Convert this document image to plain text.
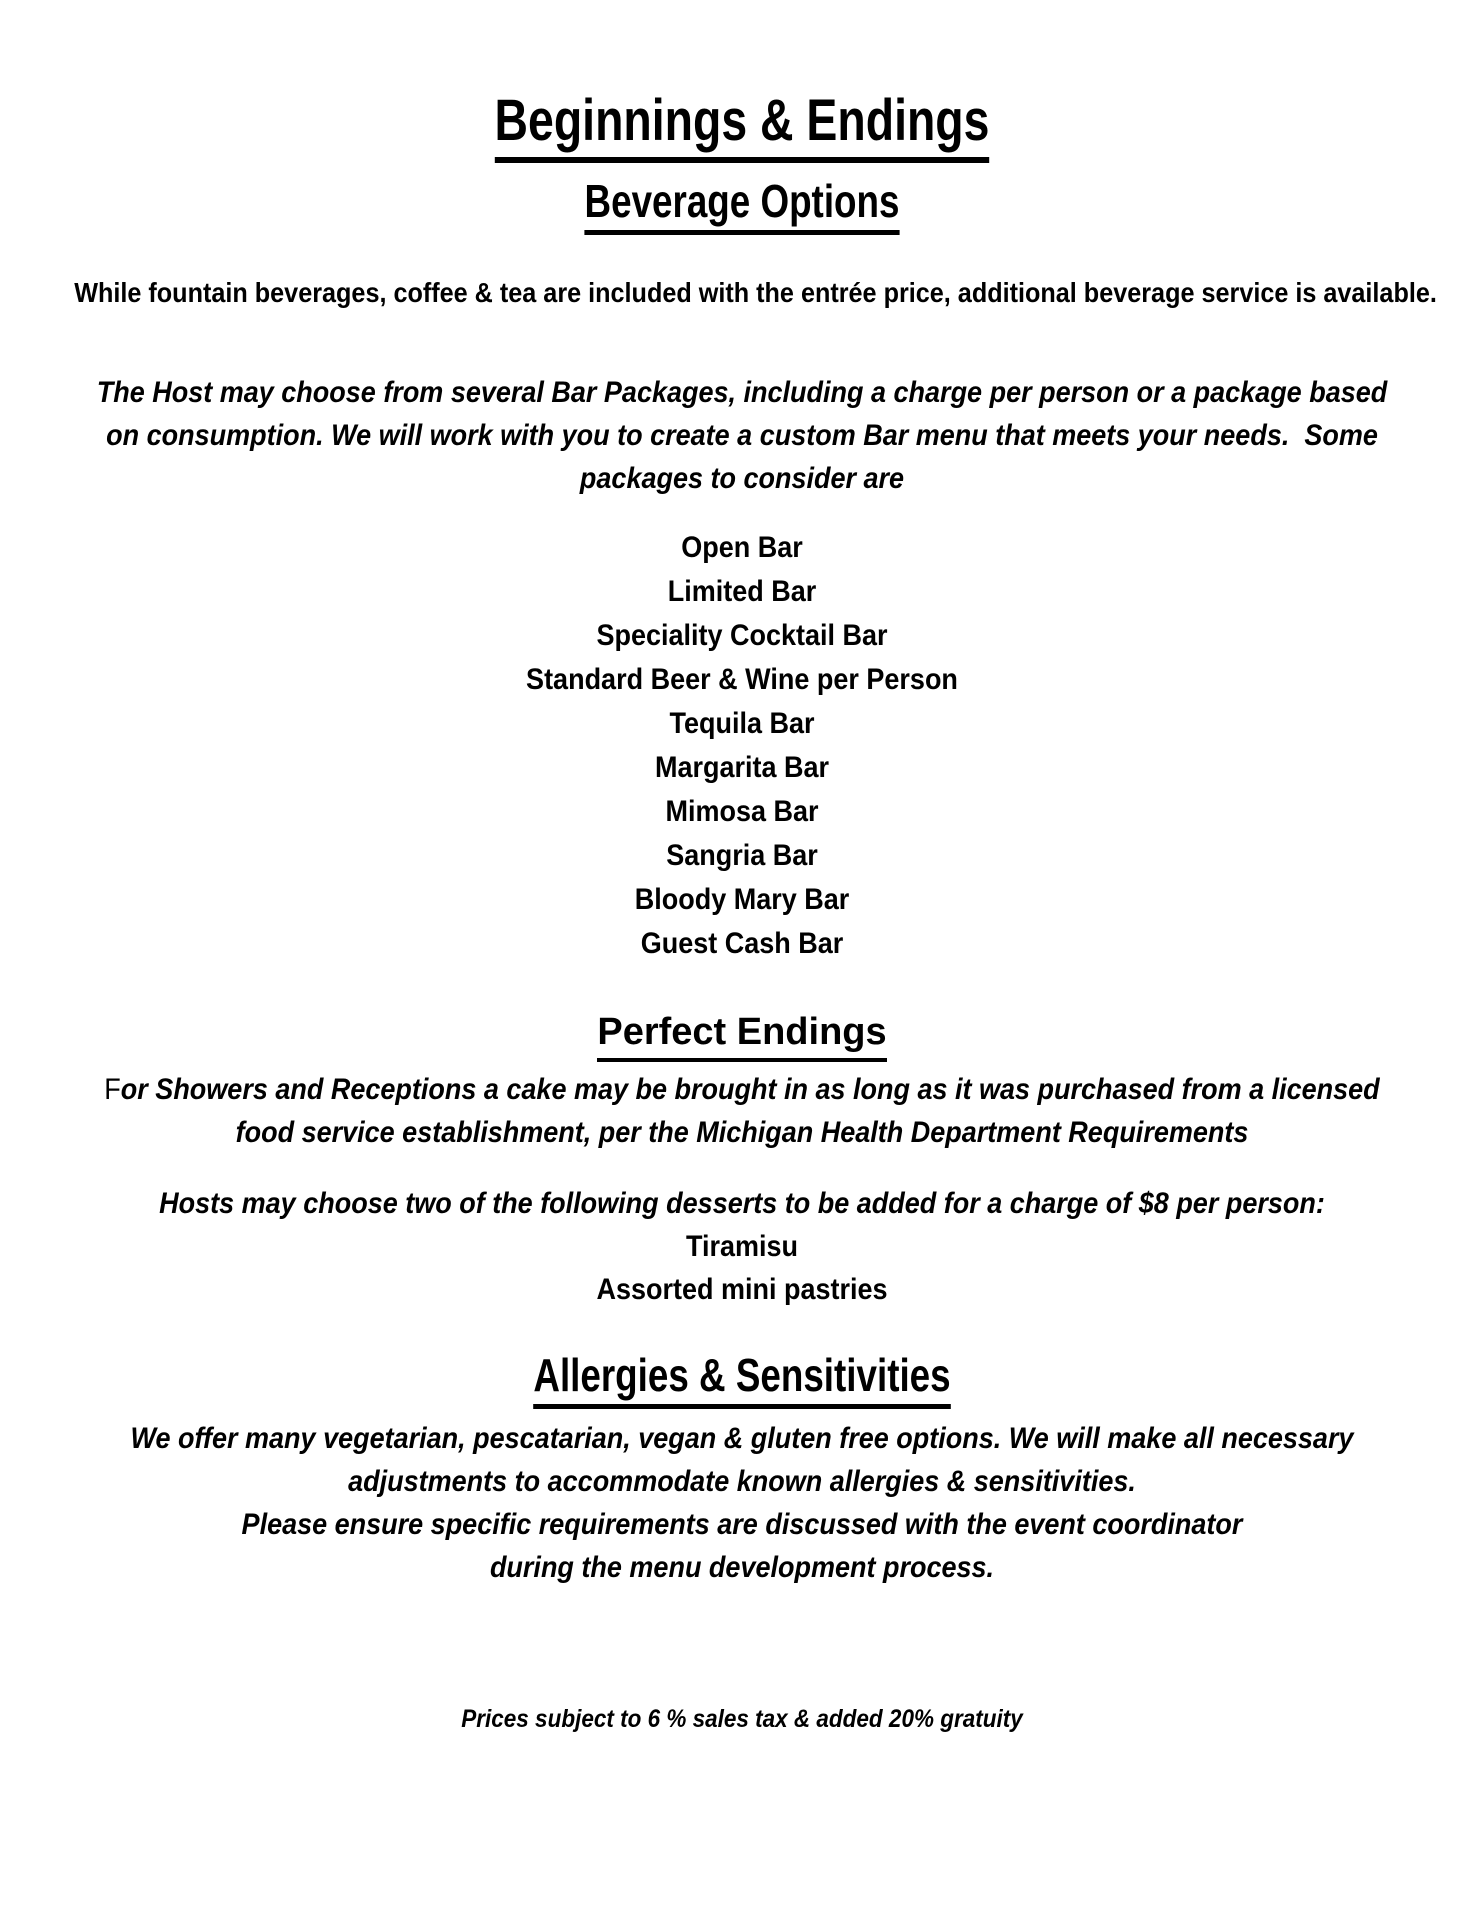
Beginnings & Endings
Beverage Options
While fountain beverages, coffee & tea are included with the entrée price, additional beverage service is available.
The Host may choose from several Bar Packages, including a charge per person or a package based
on consumption. We will work with you to create a custom Bar menu that meets your needs.  Some
packages to consider are
Open Bar
Limited Bar
Speciality Cocktail Bar
Standard Beer & Wine per Person
Tequila Bar
Margarita Bar
Mimosa Bar
Sangria Bar
Bloody Mary Bar
Guest Cash Bar
Perfect Endings
For Showers and Receptions a cake may be brought in as long as it was purchased from a licensed
food service establishment, per the Michigan Health Department Requirements
Hosts may choose two of the following desserts to be added for a charge of $8 per person:
Tiramisu
Assorted mini pastries
Allergies & Sensitivities
We offer many vegetarian, pescatarian, vegan & gluten free options. We will make all necessary
adjustments to accommodate known allergies & sensitivities.
Please ensure specific requirements are discussed with the event coordinator
during the menu development process.
Prices subject to 6 % sales tax & added 20% gratuity
